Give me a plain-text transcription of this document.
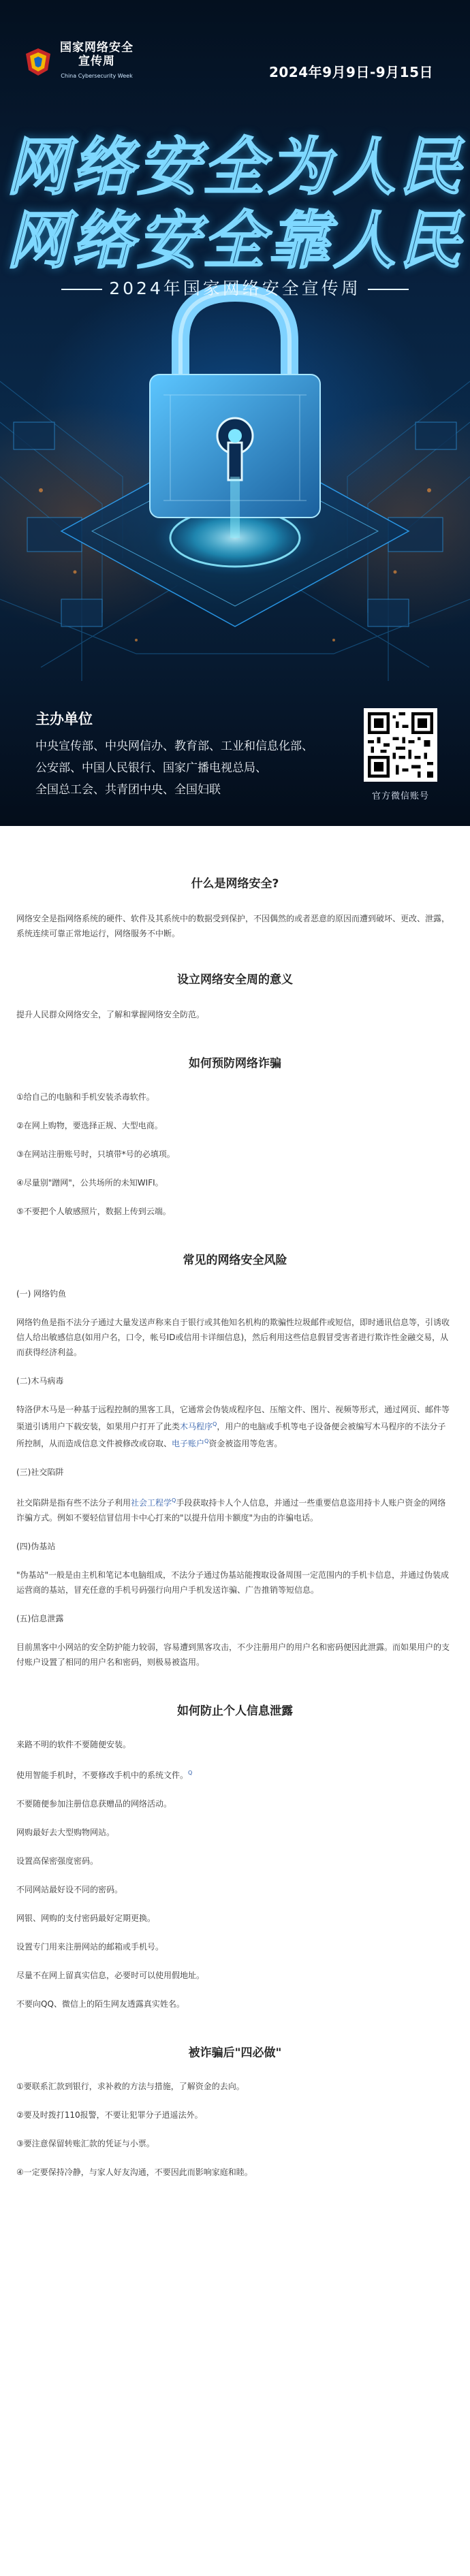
国家网络安全
宣传周
China Cybersecurity Week	2024年9月9日-9月15日
网络安全为人民
网络安全靠人民
2024年国家网络安全宣传周
主办单位
中央宣传部、中央网信办、教育部、工业和信息化部、
公安部、中国人民银行、国家广播电视总局、
全国总工会、共青团中央、全国妇联	官方微信账号
什么是网络安全?

网络安全是指网络系统的硬件、软件及其系统中的数据受到保护，不因偶然的或者恶意的原因而遭到破坏、更改、泄露，系统连续可靠正常地运行，网络服务不中断。

设立网络安全周的意义

提升人民群众网络安全，了解和掌握网络安全防范。

如何预防网络诈骗

①给自己的电脑和手机安装杀毒软件。

②在网上购物，要选择正规、大型电商。

③在网站注册账号时，只填带*号的必填项。

④尽量别"蹭网"，公共场所的未知WIFI。

⑤不要把个人敏感照片，数据上传到云端。

常见的网络安全风险

(一) 网络钓鱼

网络钓鱼是指不法分子通过大量发送声称来自于银行或其他知名机构的欺骗性垃圾邮件或短信，即时通讯信息等，引诱收信人给出敏感信息(如用户名，口令，帐号ID或信用卡详细信息)，然后利用这些信息假冒受害者进行欺诈性金融交易，从而获得经济利益。

(二)木马病毒

特洛伊木马是一种基于远程控制的黑客工具，它通常会伪装成程序包、压缩文件、图片、视频等形式，通过网页、邮件等渠道引诱用户下载安装，如果用户打开了此类木马程序$^Q$，用户的电脑或手机等电子设备便会被编写木马程序的不法分子所控制，从而造成信息文件被修改或窃取、电子账户$^Q$资金被盗用等危害。

(三)社交陷阱

社交陷阱是指有些不法分子利用社会工程学$^Q$手段获取持卡人个人信息，并通过一些重要信息盗用持卡人账户资金的网络诈骗方式。例如不要轻信冒信用卡中心打来的"以提升信用卡额度"为由的诈骗电话。

(四)伪基站

"伪基站"一般是由主机和笔记本电脑组成，不法分子通过伪基站能搜取设备周围一定范围内的手机卡信息，并通过伪装成运营商的基站，冒充任意的手机号码强行向用户手机发送诈骗、广告推销等短信息。

(五)信息泄露

目前黑客中小网站的安全防护能力较弱，容易遭到黑客攻击，不少注册用户的用户名和密码便因此泄露。而如果用户的支付账户设置了相同的用户名和密码，则极易被盗用。

如何防止个人信息泄露

来路不明的软件不要随便安装。

使用智能手机时，不要修改手机中的系统文件。$^Q$

不要随便参加注册信息获赠品的网络活动。

网购最好去大型购物网站。

设置高保密强度密码。

不同网站最好设不同的密码。

网银、网购的支付密码最好定期更换。

设置专门用来注册网站的邮箱或手机号。

尽量不在网上留真实信息，必要时可以使用假地址。

不要向QQ、微信上的陌生网友透露真实姓名。

被诈骗后"四必做"

①要联系汇款到银行，求补救的方法与措施，了解资金的去向。

②要及时拨打110报警，不要让犯罪分子逍遥法外。

③要注意保留转账汇款的凭证与小票。

④一定要保持冷静，与家人好友沟通，不要因此而影响家庭和睦。
